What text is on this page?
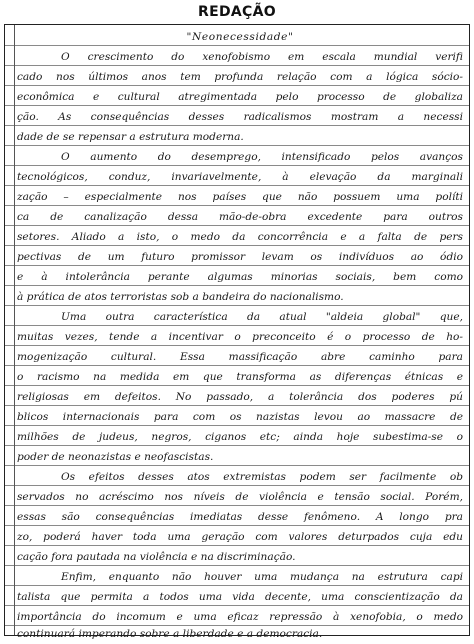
REDAÇÃO
"Neonecessidade"
O crescimento do xenofobismo em escala mundial verifi
cado nos últimos anos tem profunda relação com a lógica sócio-
econômica e cultural atregimentada pelo processo de globaliza
ção. As consequências desses radicalismos mostram a necessi
dade de se repensar a estrutura moderna.
O aumento do desemprego, intensificado pelos avanços
tecnológicos, conduz, invariavelmente, à elevação da marginali
zação – especialmente nos países que não possuem uma políti
ca de canalização dessa mão-de-obra excedente para outros
setores. Aliado a isto, o medo da concorrência e a falta de pers
pectivas de um futuro promissor levam os indivíduos ao ódio
e à intolerância perante algumas minorias sociais, bem como
à prática de atos terroristas sob a bandeira do nacionalismo.
Uma outra característica da atual "aldeia global" que,
muitas vezes, tende a incentivar o preconceito é o processo de ho-
mogenização cultural. Essa massificação abre caminho para
o racismo na medida em que transforma as diferenças étnicas e
religiosas em defeitos. No passado, a tolerância dos poderes pú
blicos internacionais para com os nazistas levou ao massacre de
milhões de judeus, negros, ciganos etc; ainda hoje subestima-se o
poder de neonazistas e neofascistas.
Os efeitos desses atos extremistas podem ser facilmente ob
servados no acréscimo nos níveis de violência e tensão social. Porém,
essas são consequências imediatas desse fenômeno. A longo pra
zo, poderá haver toda uma geração com valores deturpados cuja edu
cação fora pautada na violência e na discriminação.
Enfim, enquanto não houver uma mudança na estrutura capi
talista que permita a todos uma vida decente, uma conscientização da
importância do incomum e uma eficaz repressão à xenofobia, o medo
continuará imperando sobre a liberdade e a democracia.
